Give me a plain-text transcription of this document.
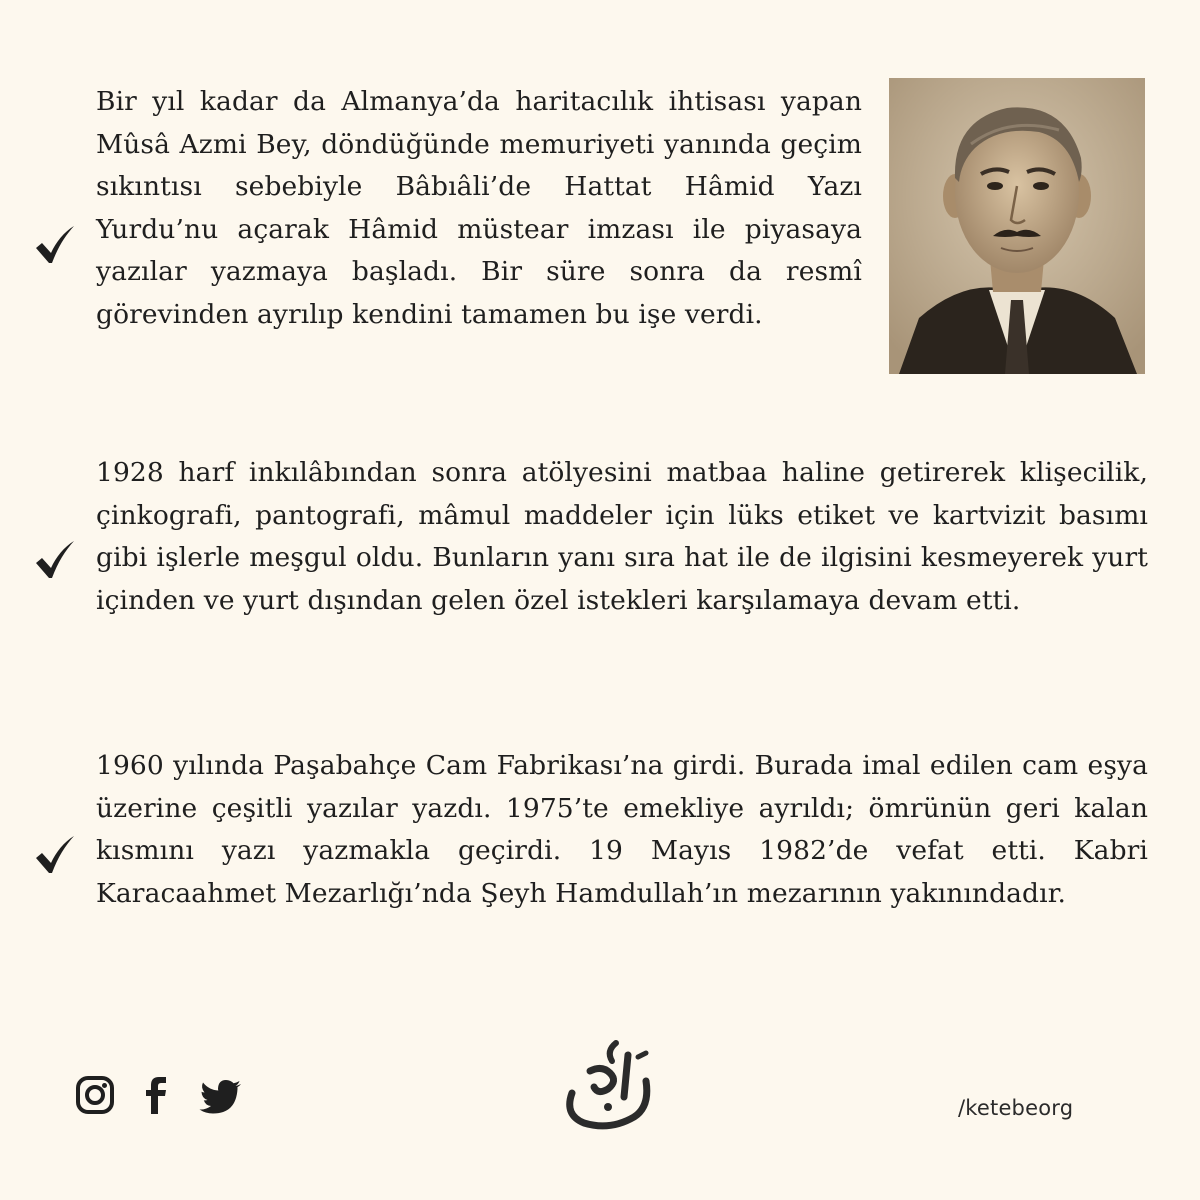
Bir yıl kadar da Almanya’da haritacılık ihtisası yapan Mûsâ Azmi Bey, döndüğünde memuriyeti yanında geçim sıkıntısı sebebiyle Bâbıâli’de Hattat Hâmid Yazı Yurdu’nu açarak Hâmid müstear imzası ile piyasaya yazılar yazmaya başladı. Bir süre sonra da resmî görevinden ayrılıp kendini tamamen bu işe verdi.

1928 harf inkılâbından sonra atölyesini matbaa haline getirerek klişecilik, çinkografi, pantografi, mâmul maddeler için lüks etiket ve kartvizit basımı gibi işlerle meşgul oldu. Bunların yanı sıra hat ile de ilgisini kesmeyerek yurt içinden ve yurt dışından gelen özel istekleri karşılamaya devam etti.

1960 yılında Paşabahçe Cam Fabrikası’na girdi. Burada imal edilen cam eşya üzerine çeşitli yazılar yazdı. 1975’te emekliye ayrıldı; ömrünün geri kalan kısmını yazı yazmakla geçirdi. 19 Mayıs 1982’de vefat etti. Kabri Karacaahmet Mezarlığı’nda Şeyh Hamdullah’ın mezarının yakınındadır.

/ketebeorg
